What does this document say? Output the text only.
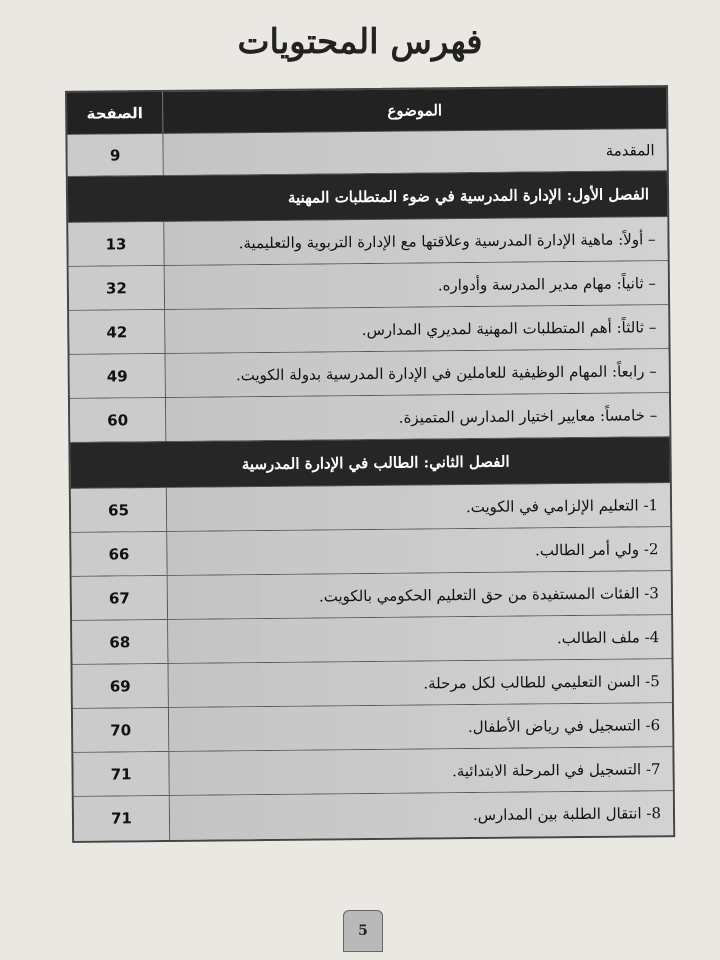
فهرس المحتويات
الموضوع
الصفحة
المقدمة
9
الفصل الأول: الإدارة المدرسية في ضوء المتطلبات المهنية
– أولاً: ماهية الإدارة المدرسية وعلاقتها مع الإدارة التربوية والتعليمية.
13
– ثانياً: مهام مدير المدرسة وأدواره.
32
– ثالثاً: أهم المتطلبات المهنية لمديري المدارس.
42
– رابعاً: المهام الوظيفية للعاملين في الإدارة المدرسية بدولة الكويت.
49
– خامساً: معايير اختيار المدارس المتميزة.
60
الفصل الثاني: الطالب في الإدارة المدرسية
1- التعليم الإلزامي في الكويت.
65
2- ولي أمر الطالب.
66
3- الفئات المستفيدة من حق التعليم الحكومي بالكويت.
67
4- ملف الطالب.
68
5- السن التعليمي للطالب لكل مرحلة.
69
6- التسجيل في رياض الأطفال.
70
7- التسجيل في المرحلة الابتدائية.
71
8- انتقال الطلبة بين المدارس.
71
5
